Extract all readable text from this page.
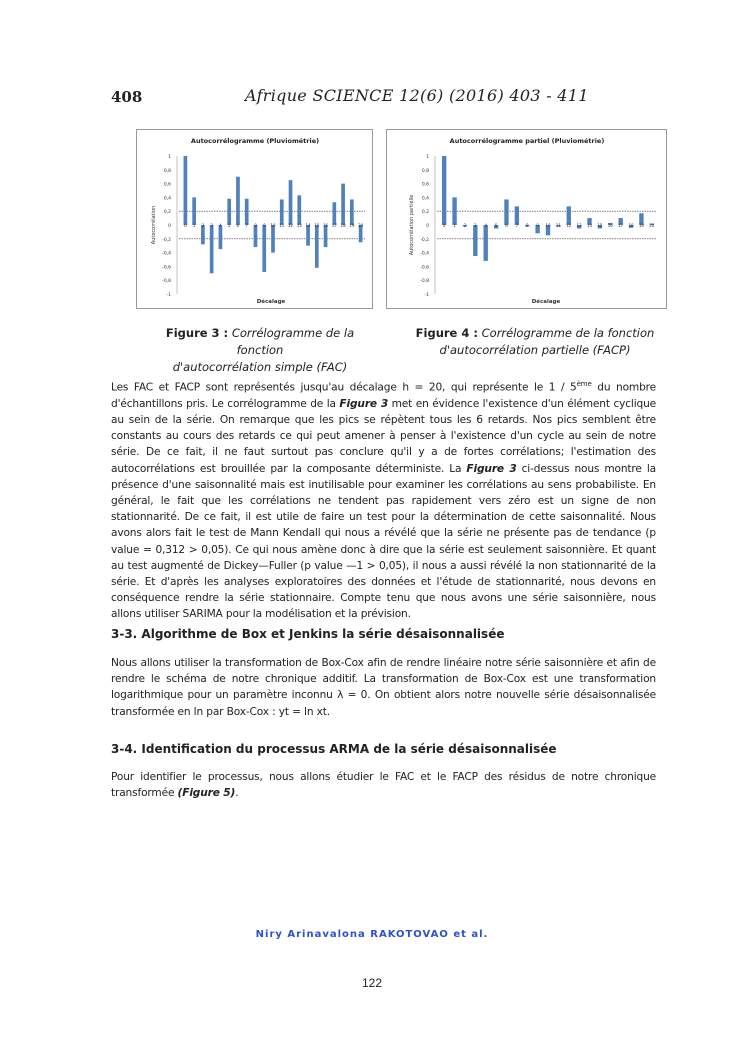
408	Afrique SCIENCE 12(6) (2016) 403 - 411
Autocorrélogramme (Pluviométrie)
1
0,8
0,6
0,4
0,2
0
-0,2
-0,4
-0,6
-0,8
-1
Autocorrélation
Décalage
0 1 2 3 4 5 6 7 8 9 10 11 12 13 14 15 16 17 18 19 20
Autocorrélogramme partiel (Pluviométrie)
1
0,8
0,6
0,4
0,2
0
-0,2
-0,4
-0,6
-0,8
-1
Autocorrélation partielle
Décalage
0 1 2 3 4 5 6 7 8 9 10 11 12 13 14 15 16 17 18 19 20
Figure 3 : Corrélogramme de la fonction
d'autocorrélation simple (FAC)
Figure 4 : Corrélogramme de la fonction
d'autocorrélation partielle (FACP)
Les FAC et FACP sont représentés jusqu'au décalage h = 20, qui représente le 1 / 5ème du nombre d'échantillons pris. Le corrélogramme de la Figure 3 met en évidence l'existence d'un élément cyclique au sein de la série. On remarque que les pics se répètent tous les 6 retards. Nos pics semblent être constants au cours des retards ce qui peut amener à penser à l'existence d'un cycle au sein de notre série. De ce fait, il ne faut surtout pas conclure qu'il y a de fortes corrélations; l'estimation des autocorrélations est brouillée par la composante déterministe. La Figure 3 ci-dessus nous montre la présence d'une saisonnalité mais est inutilisable pour examiner les corrélations au sens probabiliste. En général, le fait que les corrélations ne tendent pas rapidement vers zéro est un signe de non stationnarité. De ce fait, il est utile de faire un test pour la détermination de cette saisonnalité. Nous avons alors fait le test de Mann Kendall qui nous a révélé que la série ne présente pas de tendance (p value = 0,312 > 0,05). Ce qui nous amène donc à dire que la série est seulement saisonnière. Et quant au test augmenté de Dickey—Fuller (p value —1 > 0,05), il nous a aussi révélé la non stationnarité de la série. Et d'après les analyses exploratoires des données et l'étude de stationnarité, nous devons en conséquence rendre la série stationnaire. Compte tenu que nous avons une série saisonnière, nous allons utiliser SARIMA pour la modélisation et la prévision.
3-3. Algorithme de Box et Jenkins la série désaisonnalisée
Nous allons utiliser la transformation de Box-Cox afin de rendre linéaire notre série saisonnière et afin de rendre le schéma de notre chronique additif. La transformation de Box-Cox est une transformation logarithmique pour un paramètre inconnu λ = 0. On obtient alors notre nouvelle série désaisonnalisée transformée en ln par Box-Cox : yt = ln xt.
3-4. Identification du processus ARMA de la série désaisonnalisée
Pour identifier le processus, nous allons étudier le FAC et le FACP des résidus de notre chronique transformée (Figure 5).
Niry Arinavalona RAKOTOVAO et al.
122
